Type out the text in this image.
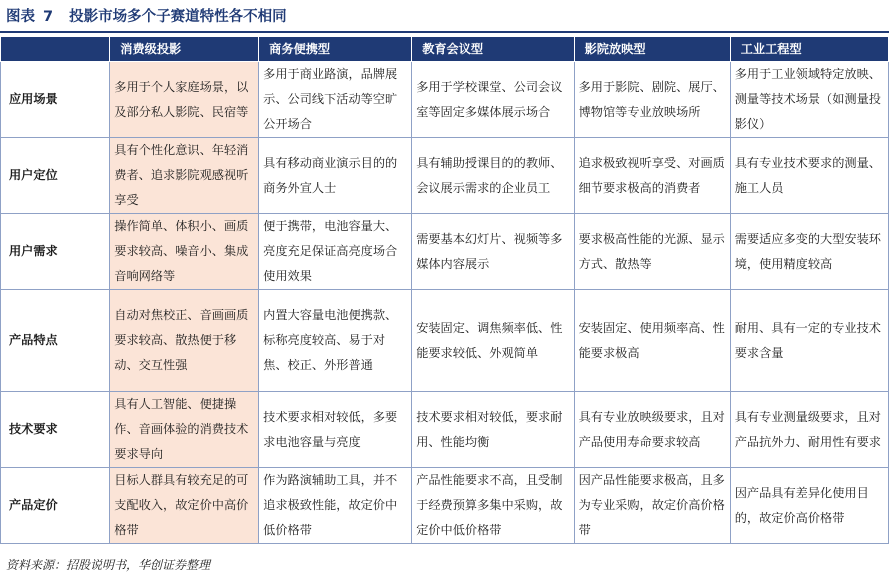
图表 7 投影市场多个子赛道特性各不相同
	消费级投影	商务便携型	教育会议型	影院放映型	工业工程型
应用场景	多用于个人家庭场景，以及部分私人影院、民宿等	多用于商业路演，品牌展示、公司线下活动等空旷公开场合	多用于学校课堂、公司会议室等固定多媒体展示场合	多用于影院、剧院、展厅、博物馆等专业放映场所	多用于工业领域特定放映、测量等技术场景（如测量投影仪）
用户定位	具有个性化意识、年轻消费者、追求影院观感视听享受	具有移动商业演示目的的商务外宣人士	具有辅助授课目的的教师、会议展示需求的企业员工	追求极致视听享受、对画质细节要求极高的消费者	具有专业技术要求的测量、施工人员
用户需求	操作简单、体积小、画质要求较高、噪音小、集成音响网络等	便于携带，电池容量大、亮度充足保证高亮度场合使用效果	需要基本幻灯片、视频等多媒体内容展示	要求极高性能的光源、显示方式、散热等	需要适应多变的大型安装环境，使用精度较高
产品特点	自动对焦校正、音画画质要求较高、散热便于移动、交互性强	内置大容量电池便携款、标称亮度较高、易于对焦、校正、外形普通	安装固定、调焦频率低、性能要求较低、外观简单	安装固定、使用频率高、性能要求极高	耐用、具有一定的专业技术要求含量
技术要求	具有人工智能、便捷操作、音画体验的消费技术要求导向	技术要求相对较低，多要求电池容量与亮度	技术要求相对较低，要求耐用、性能均衡	具有专业放映级要求，且对产品使用寿命要求较高	具有专业测量级要求，且对产品抗外力、耐用性有要求
产品定价	目标人群具有较充足的可支配收入，故定价中高价格带	作为路演辅助工具，并不追求极致性能，故定价中低价格带	产品性能要求不高，且受制于经费预算多集中采购，故定价中低价格带	因产品性能要求极高，且多为专业采购，故定价高价格带	因产品具有差异化使用目的，故定价高价格带
资料来源：招股说明书，华创证券整理
